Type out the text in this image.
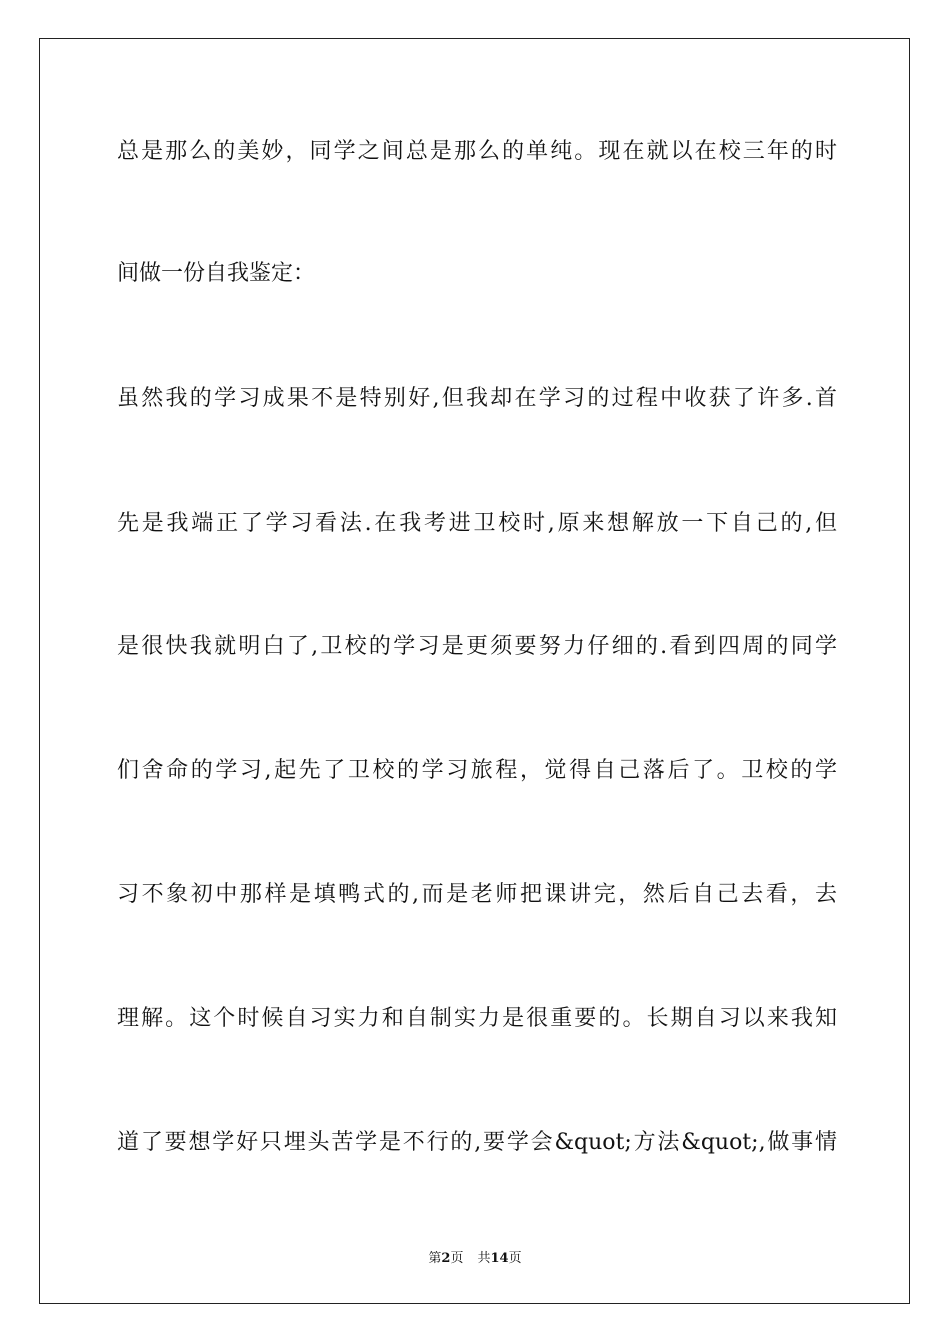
总是那么的美妙，同学之间总是那么的单纯。现在就以在校三年的时
间做一份自我鉴定：
虽然我的学习成果不是特别好,但我却在学习的过程中收获了许多.首
先是我端正了学习看法.在我考进卫校时,原来想解放一下自己的,但
是很快我就明白了,卫校的学习是更须要努力仔细的.看到四周的同学
们舍命的学习,起先了卫校的学习旅程，觉得自己落后了。卫校的学
习不象初中那样是填鸭式的,而是老师把课讲完，然后自己去看，去
理解。这个时候自习实力和自制实力是很重要的。长期自习以来我知
道了要想学好只埋头苦学是不行的,要学会&quot;方法&quot;,做事情
第2页 共14页
